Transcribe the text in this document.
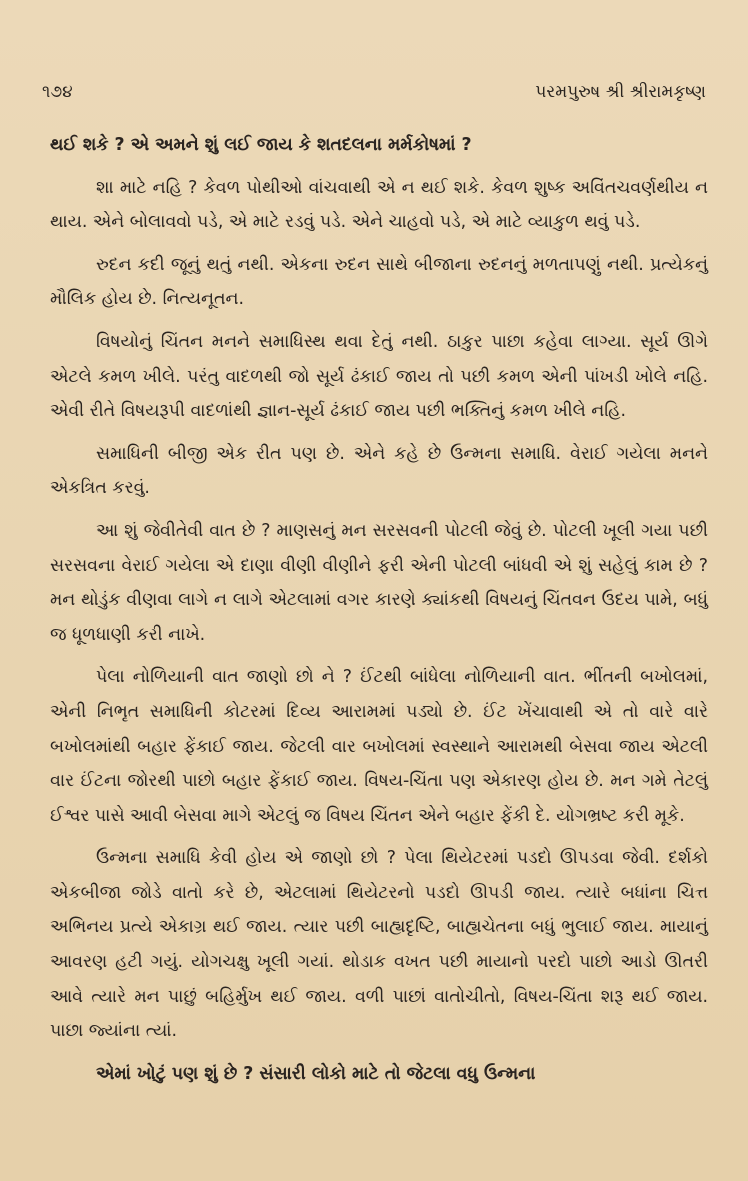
૧૭૪	પરમપુરુષ શ્રી શ્રીરામકૃષ્ણ

થઈ શકે ? એ અમને શું લઈ જાય કે શતદલના મર્મકોષમાં ?

શા માટે નહિ ? કેવળ પોથીઓ વાંચવાથી એ ન થઈ શકે. કેવળ શુષ્ક અવિંતચવર્ણથીય ન થાય. એને બોલાવવો પડે, એ માટે રડવું પડે. એને ચાહવો પડે, એ માટે વ્યાકુળ થવું પડે.

રુદન કદી જૂનું થતું નથી. એકના રુદન સાથે બીજાના રુદનનું મળતાપણું નથી. પ્રત્યેકનું મૌલિક હોય છે. નિત્યનૂતન.

વિષયોનું ચિંતન મનને સમાધિસ્થ થવા દેતું નથી. ઠાકુર પાછા કહેવા લાગ્યા. સૂર્ય ઊગે એટલે કમળ ખીલે. પરંતુ વાદળથી જો સૂર્ય ઢંકાઈ જાય તો પછી કમળ એની પાંખડી ખોલે નહિ. એવી રીતે વિષયરૂપી વાદળાંથી જ્ઞાન-સૂર્ય ઢંકાઈ જાય પછી ભક્તિનું કમળ ખીલે નહિ.

સમાધિની બીજી એક રીત પણ છે. એને કહે છે ઉન્મના સમાધિ. વેરાઈ ગયેલા મનને એકત્રિત કરવું.

આ શું જેવીતેવી વાત છે ? માણસનું મન સરસવની પોટલી જેવું છે. પોટલી ખૂલી ગયા પછી સરસવના વેરાઈ ગયેલા એ દાણા વીણી વીણીને ફરી એની પોટલી બાંધવી એ શું સહેલું કામ છે ? મન થોડુંક વીણવા લાગે ન લાગે એટલામાં વગર કારણે ક્યાંકથી વિષયનું ચિંતવન ઉદય પામે, બધું જ ધૂળધાણી કરી નાખે.

પેલા નોળિયાની વાત જાણો છો ને ? ઈંટથી બાંધેલા નોળિયાની વાત. ભીંતની બખોલમાં, એની નિભૃત સમાધિની કોટરમાં દિવ્ય આરામમાં પડ્યો છે. ઈંટ ખેંચાવાથી એ તો વારે વારે બખોલમાંથી બહાર ફેંકાઈ જાય. જેટલી વાર બખોલમાં સ્વસ્થાને આરામથી બેસવા જાય એટલી વાર ઈંટના જોરથી પાછો બહાર ફેંકાઈ જાય. વિષય-ચિંતા પણ એકારણ હોય છે. મન ગમે તેટલું ઈશ્વર પાસે આવી બેસવા માગે એટલું જ વિષય ચિંતન એને બહાર ફેંકી દે. યોગભ્રષ્ટ કરી મૂકે.

ઉન્મના સમાધિ કેવી હોય એ જાણો છો ? પેલા થિયેટરમાં પડદો ઊપડવા જેવી. દર્શકો એકબીજા જોડે વાતો કરે છે, એટલામાં થિયેટરનો પડદો ઊપડી જાય. ત્યારે બધાંના ચિત્ત અભિનય પ્રત્યે એકાગ્ર થઈ જાય. ત્યાર પછી બાહ્યદૃષ્ટિ, બાહ્યચેતના બધું ભુલાઈ જાય. માયાનું આવરણ હટી ગયું. યોગચક્ષુ ખૂલી ગયાં. થોડાક વખત પછી માયાનો પરદો પાછો આડો ઊતરી આવે ત્યારે મન પાછું બહિર્મુખ થઈ જાય. વળી પાછાં વાતોચીતો, વિષય-ચિંતા શરૂ થઈ જાય. પાછા જ્યાંના ત્યાં.

એમાં ખોટું પણ શું છે ? સંસારી લોકો માટે તો જેટલા વધુ ઉન્મના
